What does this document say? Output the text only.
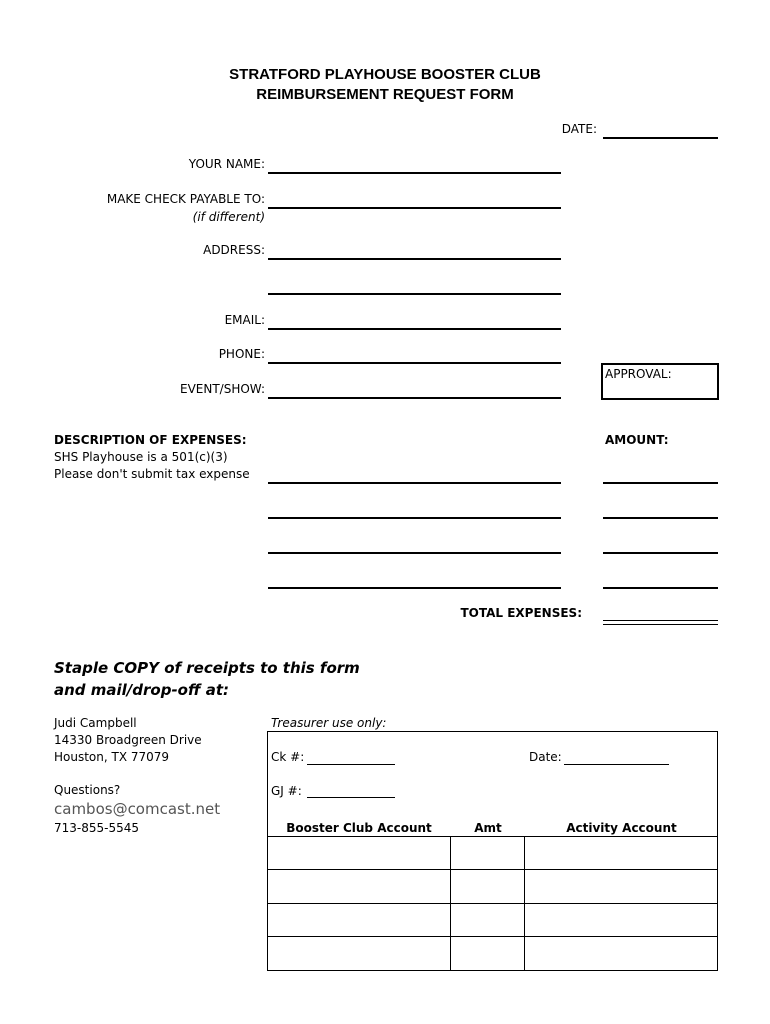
STRATFORD PLAYHOUSE BOOSTER CLUB
REIMBURSEMENT REQUEST FORM
DATE:
YOUR NAME:
MAKE CHECK PAYABLE TO:
(if different)
ADDRESS:
EMAIL:
PHONE:
EVENT/SHOW:
APPROVAL:
DESCRIPTION OF EXPENSES:
SHS Playhouse is a 501(c)(3)
Please don't submit tax expense
AMOUNT:
TOTAL EXPENSES:
Staple COPY of receipts to this form
and mail/drop-off at:
Judi Campbell
14330 Broadgreen Drive
Houston, TX 77079
Questions?
cambos@comcast.net
713-855-5545
Treasurer use only:
Ck #:	Date:
GJ #:
Booster Club Account	Amt	Activity Account
